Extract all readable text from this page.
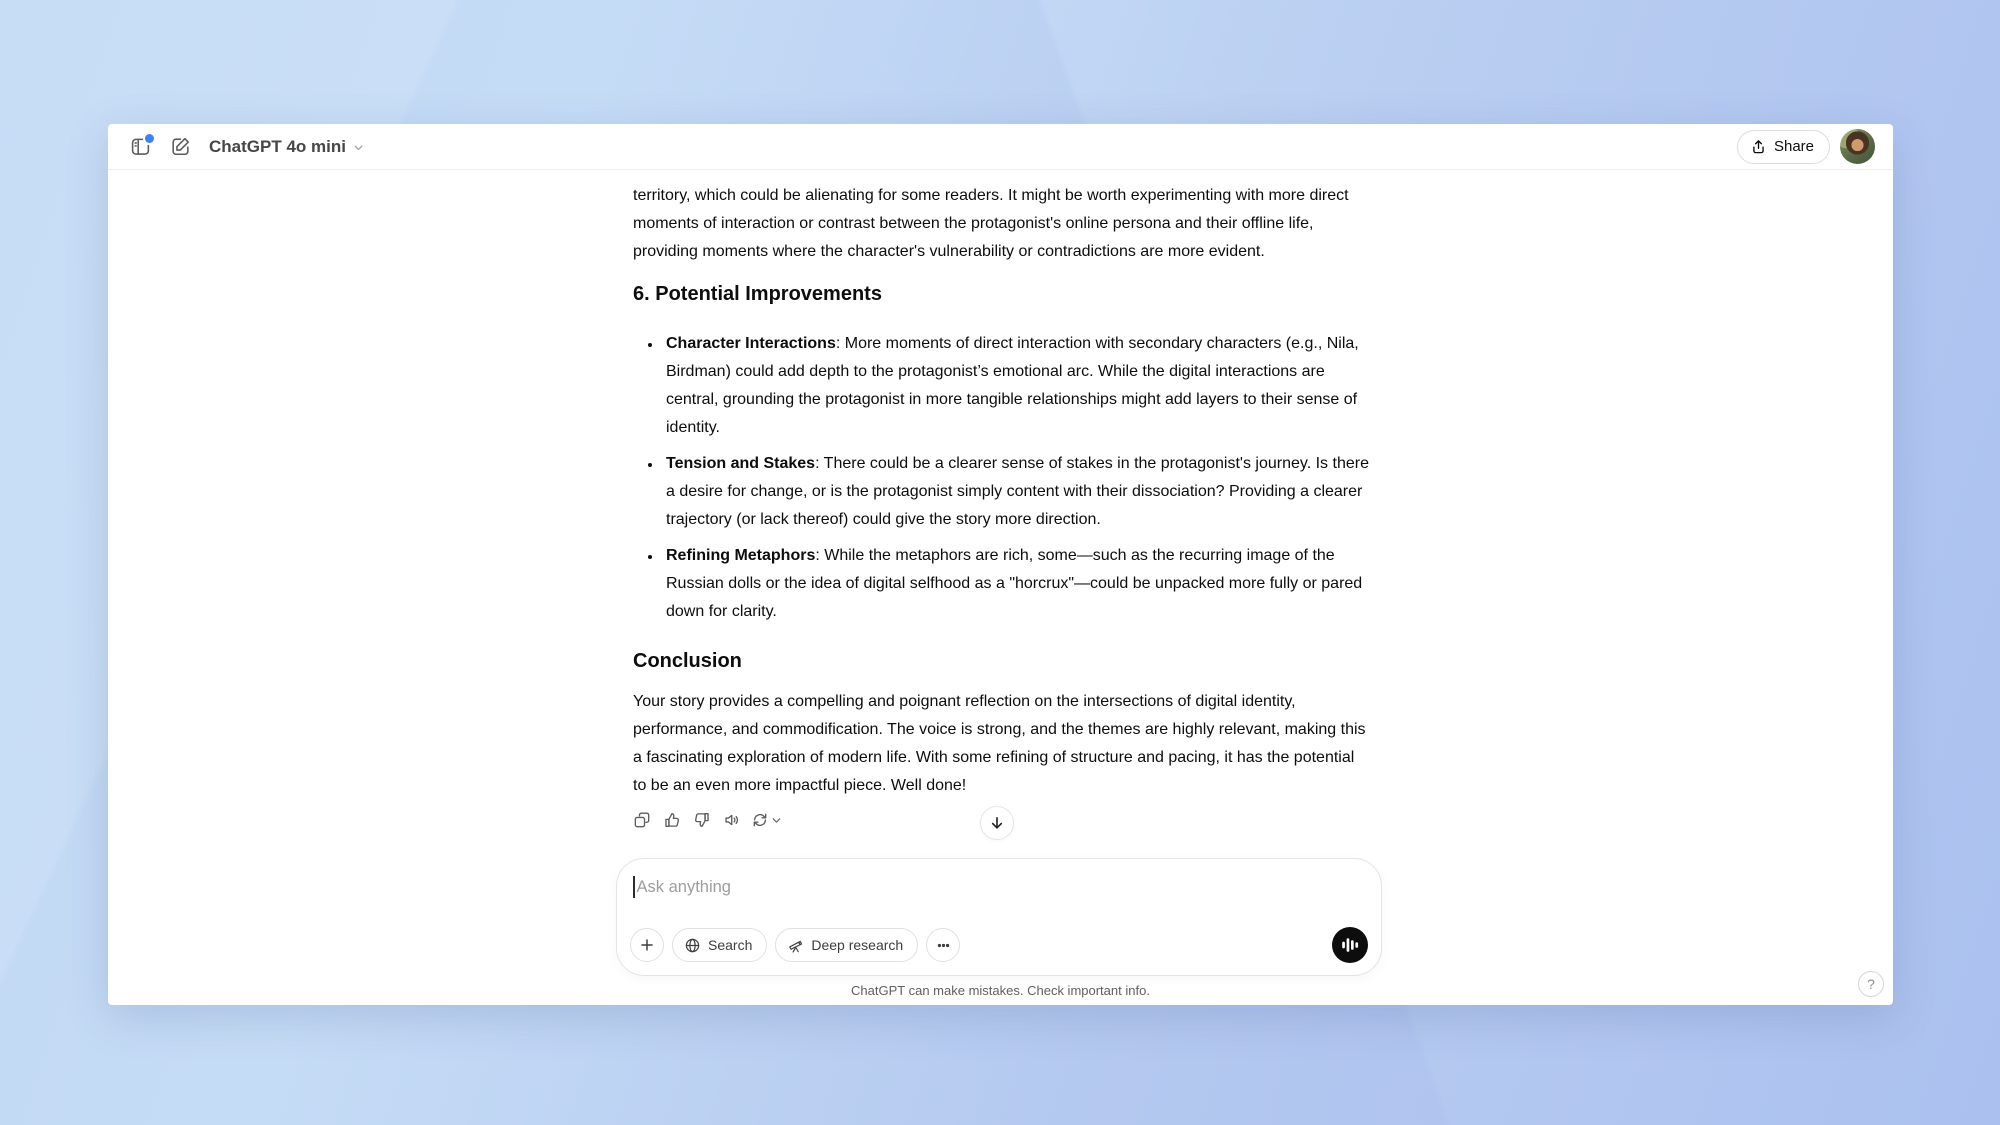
ChatGPT 4o mini	Share

territory, which could be alienating for some readers. It might be worth experimenting with more direct moments of interaction or contrast between the protagonist's online persona and their offline life, providing moments where the character's vulnerability or contradictions are more evident.

6. Potential Improvements
• Character Interactions: More moments of direct interaction with secondary characters (e.g., Nila, Birdman) could add depth to the protagonist’s emotional arc. While the digital interactions are central, grounding the protagonist in more tangible relationships might add layers to their sense of identity.
• Tension and Stakes: There could be a clearer sense of stakes in the protagonist's journey. Is there a desire for change, or is the protagonist simply content with their dissociation? Providing a clearer trajectory (or lack thereof) could give the story more direction.
• Refining Metaphors: While the metaphors are rich, some—such as the recurring image of the Russian dolls or the idea of digital selfhood as a "horcrux"—could be unpacked more fully or pared down for clarity.
Conclusion

Your story provides a compelling and poignant reflection on the intersections of digital identity, performance, and commodification. The voice is strong, and the themes are highly relevant, making this a fascinating exploration of modern life. With some refining of structure and pacing, it has the potential to be an even more impactful piece. Well done!

Ask anything
Search	Deep research
ChatGPT can make mistakes. Check important info.	?
